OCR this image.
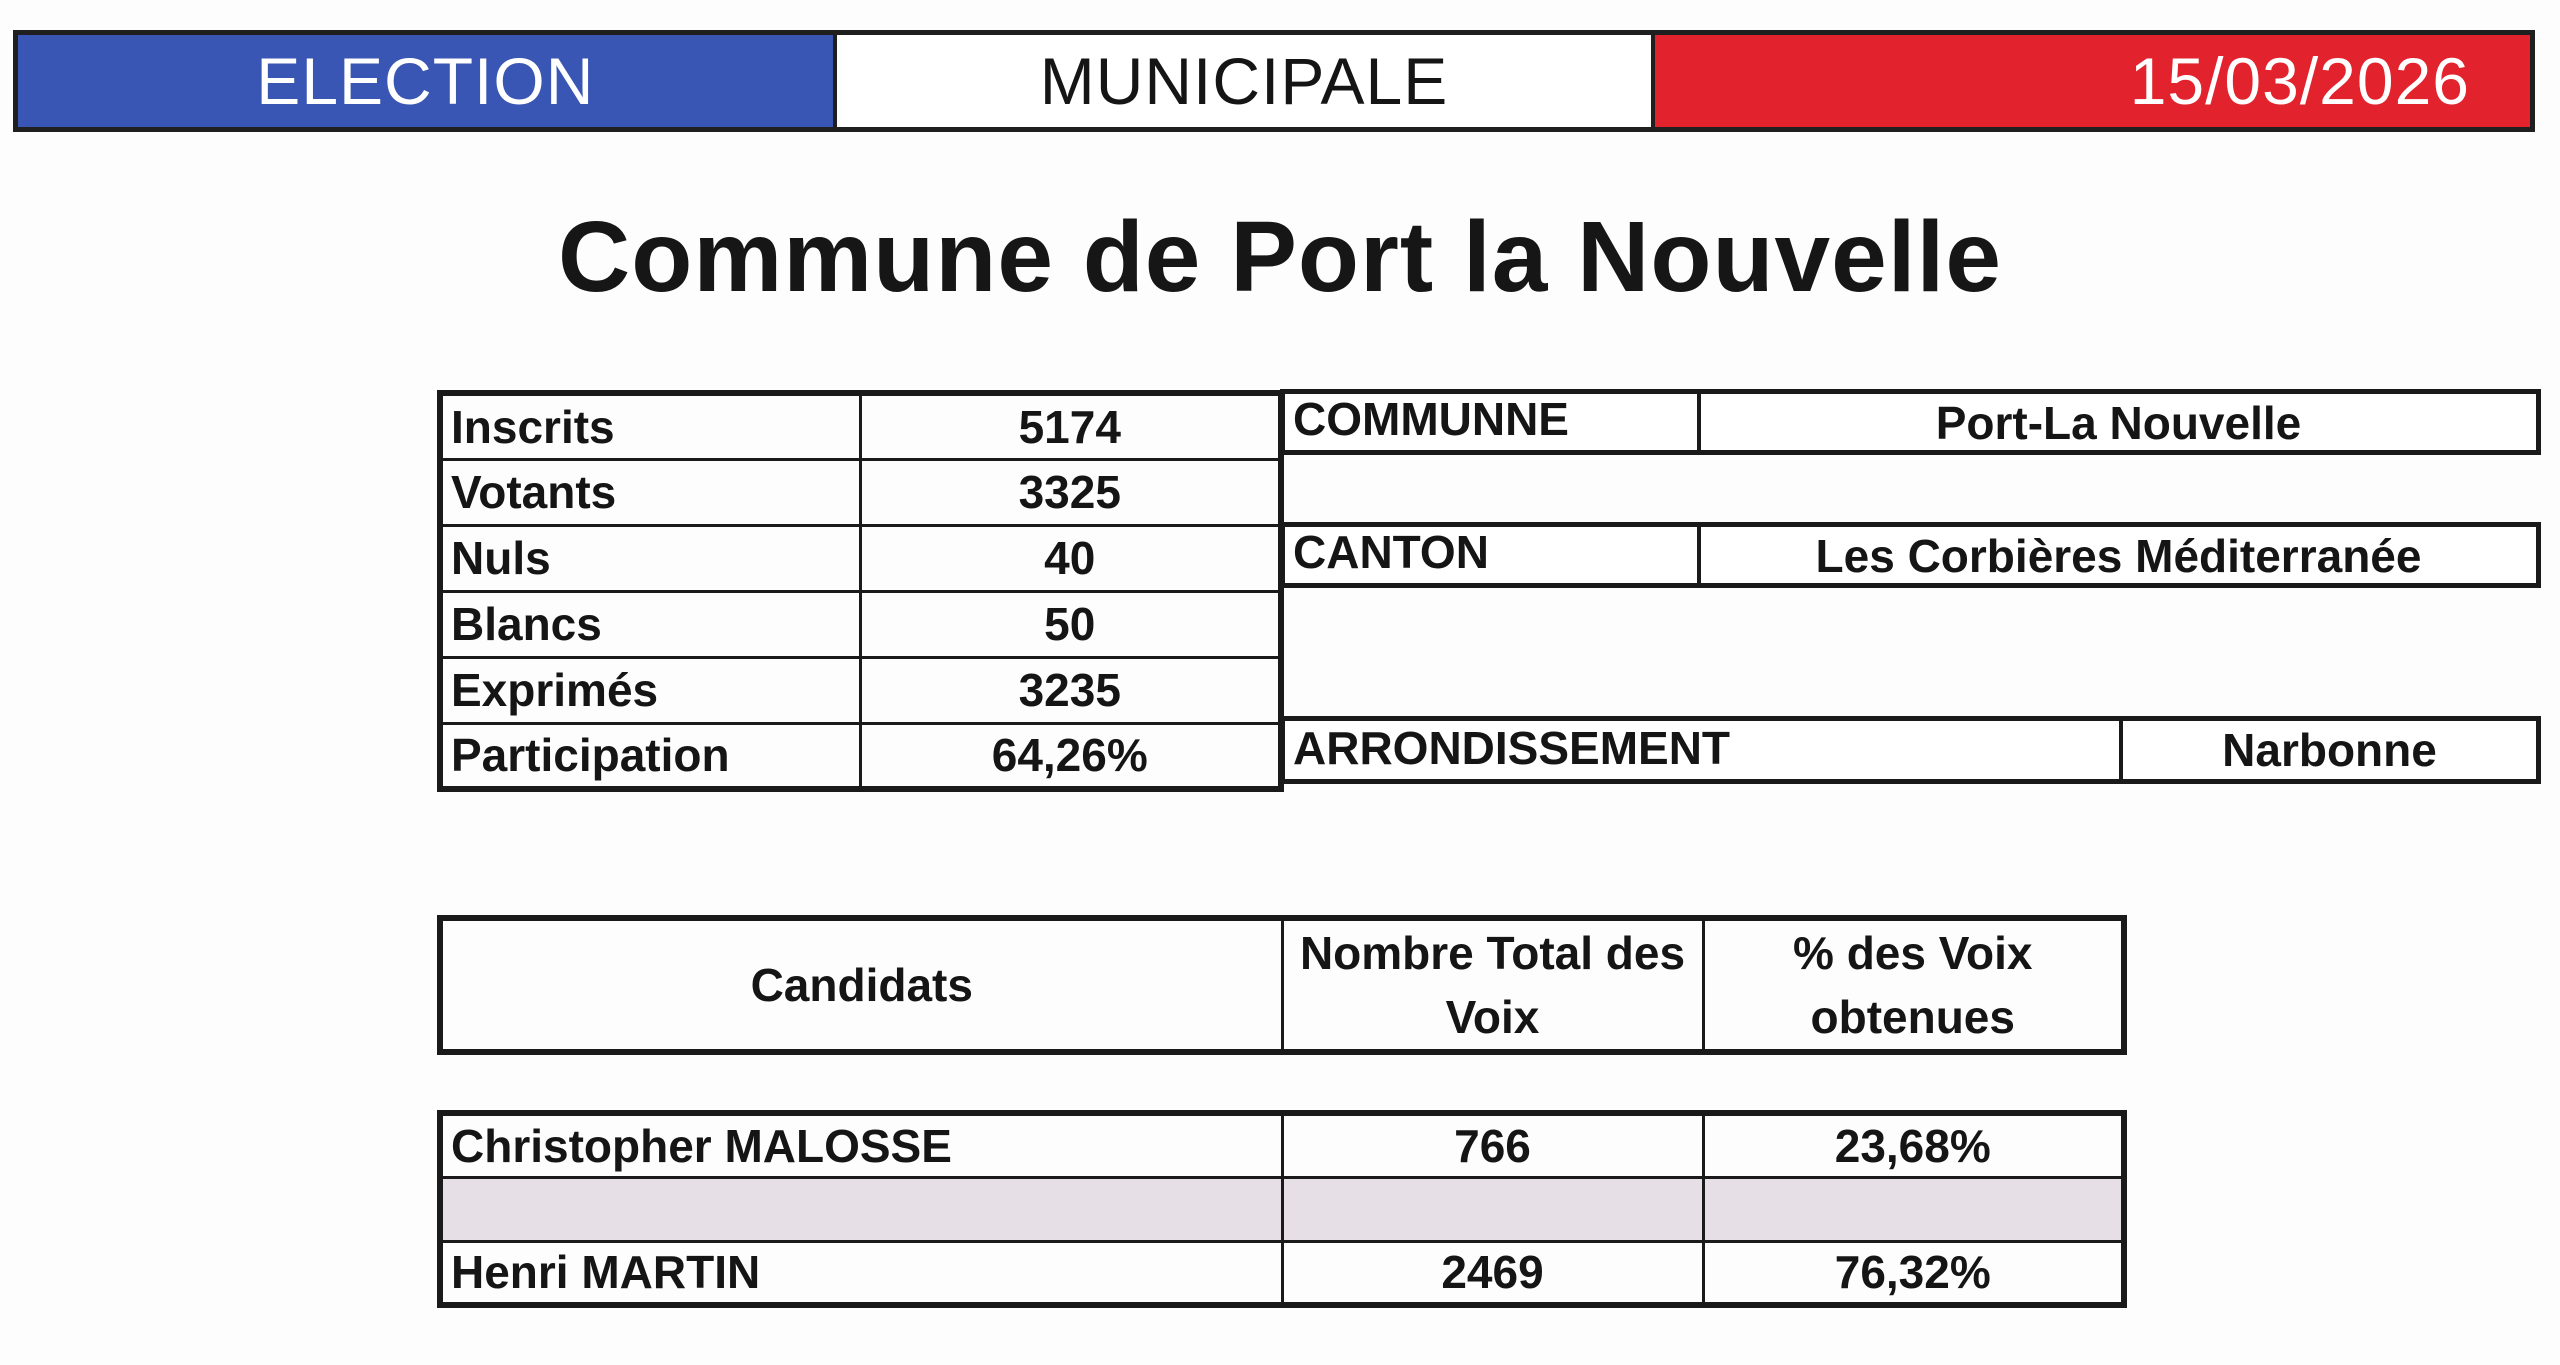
ELECTION	MUNICIPALE	15/03/2026
Commune de Port la Nouvelle
Inscrits	5174
Votants	3325
Nuls	40
Blancs	50
Exprimés	3235
Participation	64,26%
COMMUNNE	Port-La Nouvelle
CANTON	Les Corbières Méditerranée
ARRONDISSEMENT	Narbonne
Candidats	Nombre Total des Voix	% des Voix obtenues
Christopher MALOSSE	766	23,68%

Henri MARTIN	2469	76,32%
